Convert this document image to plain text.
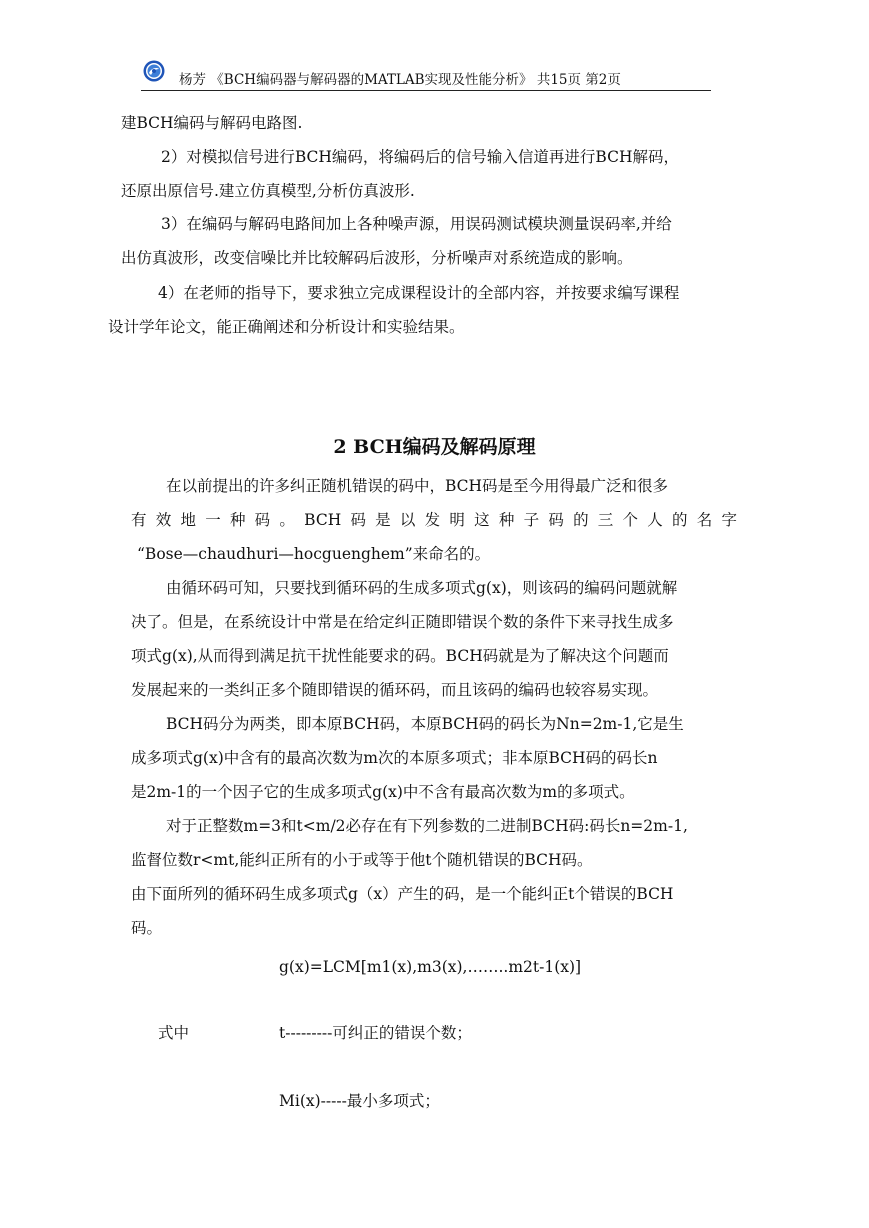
杨芳 《BCH编码器与解码器的MATLAB实现及性能分析》 共15页 第2页
建BCH编码与解码电路图.
2）对模拟信号进行BCH编码，将编码后的信号输入信道再进行BCH解码，
还原出原信号.建立仿真模型,分析仿真波形.
3）在编码与解码电路间加上各种噪声源，用误码测试模块测量误码率,并给
出仿真波形，改变信噪比并比较解码后波形，分析噪声对系统造成的影响。
4）在老师的指导下，要求独立完成课程设计的全部内容，并按要求编写课程
设计学年论文，能正确阐述和分析设计和实验结果。
2 BCH编码及解码原理
在以前提出的许多纠正随机错误的码中，BCH码是至今用得最广泛和很多
有效地一种码。BCH码是以发明这种子码的三个人的名字
“Bose—chaudhuri—hocguenghem”来命名的。
由循环码可知，只要找到循环码的生成多项式g(x)，则该码的编码问题就解
决了。但是，在系统设计中常是在给定纠正随即错误个数的条件下来寻找生成多
项式g(x),从而得到满足抗干扰性能要求的码。BCH码就是为了解决这个问题而
发展起来的一类纠正多个随即错误的循环码，而且该码的编码也较容易实现。
BCH码分为两类，即本原BCH码，本原BCH码的码长为Nn=2m-1,它是生
成多项式g(x)中含有的最高次数为m次的本原多项式；非本原BCH码的码长n
是2m-1的一个因子它的生成多项式g(x)中不含有最高次数为m的多项式。
对于正整数m=3和t<m/2必存在有下列参数的二进制BCH码:码长n=2m-1,
监督位数r<mt,能纠正所有的小于或等于他t个随机错误的BCH码。
由下面所列的循环码生成多项式g（x）产生的码，是一个能纠正t个错误的BCH
码。
g(x)=LCM[m1(x),m3(x),……..m2t-1(x)]
式中	t---------可纠正的错误个数；
Mi(x)-----最小多项式；
